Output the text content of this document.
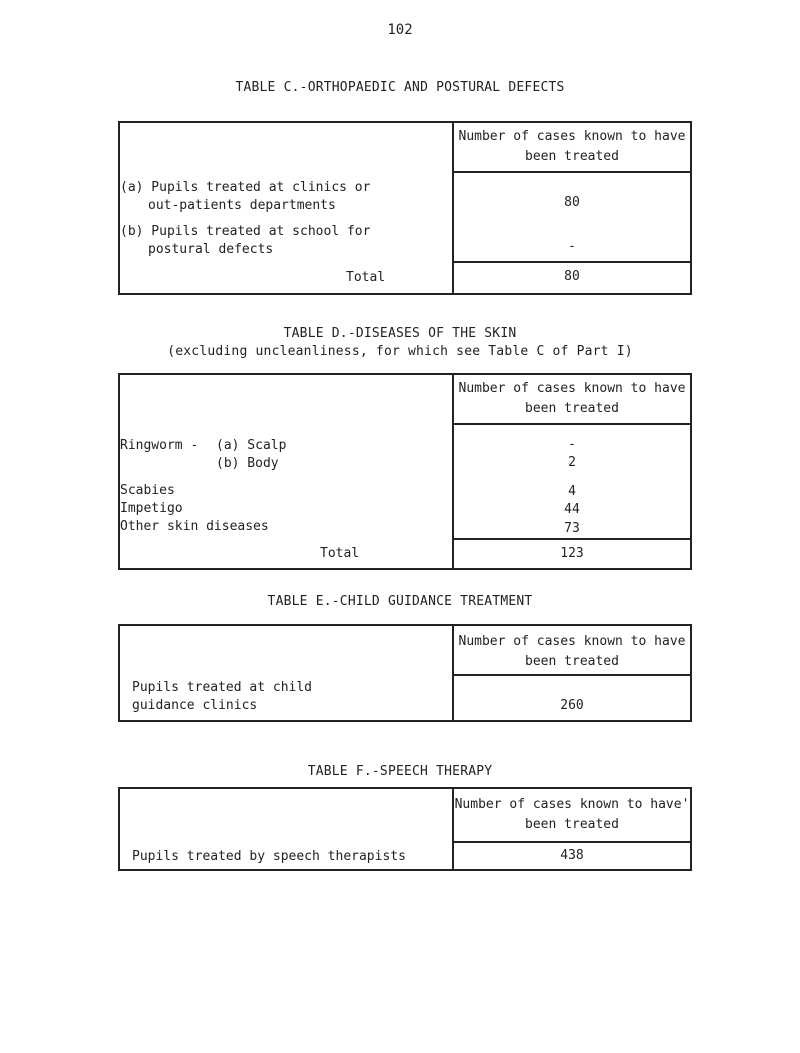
102
TABLE C.-ORTHOPAEDIC AND POSTURAL DEFECTS
Number of cases known to have been treated
(a) Pupils treated at clinics or
out-patients departments
(b) Pupils treated at school for
postural defects
Total
80
-
80
TABLE D.-DISEASES OF THE SKIN
(excluding uncleanliness, for which see Table C of Part I)
Number of cases known to have been treated
Ringworm - (a) Scalp
(b) Body
Scabies
Impetigo
Other skin diseases
Total
-
2
4
44
73
123
TABLE E.-CHILD GUIDANCE TREATMENT
Number of cases known to have been treated
Pupils treated at child
guidance clinics	260
TABLE F.-SPEECH THERAPY
Number of cases known to have' been treated
Pupils treated by speech therapists	438
